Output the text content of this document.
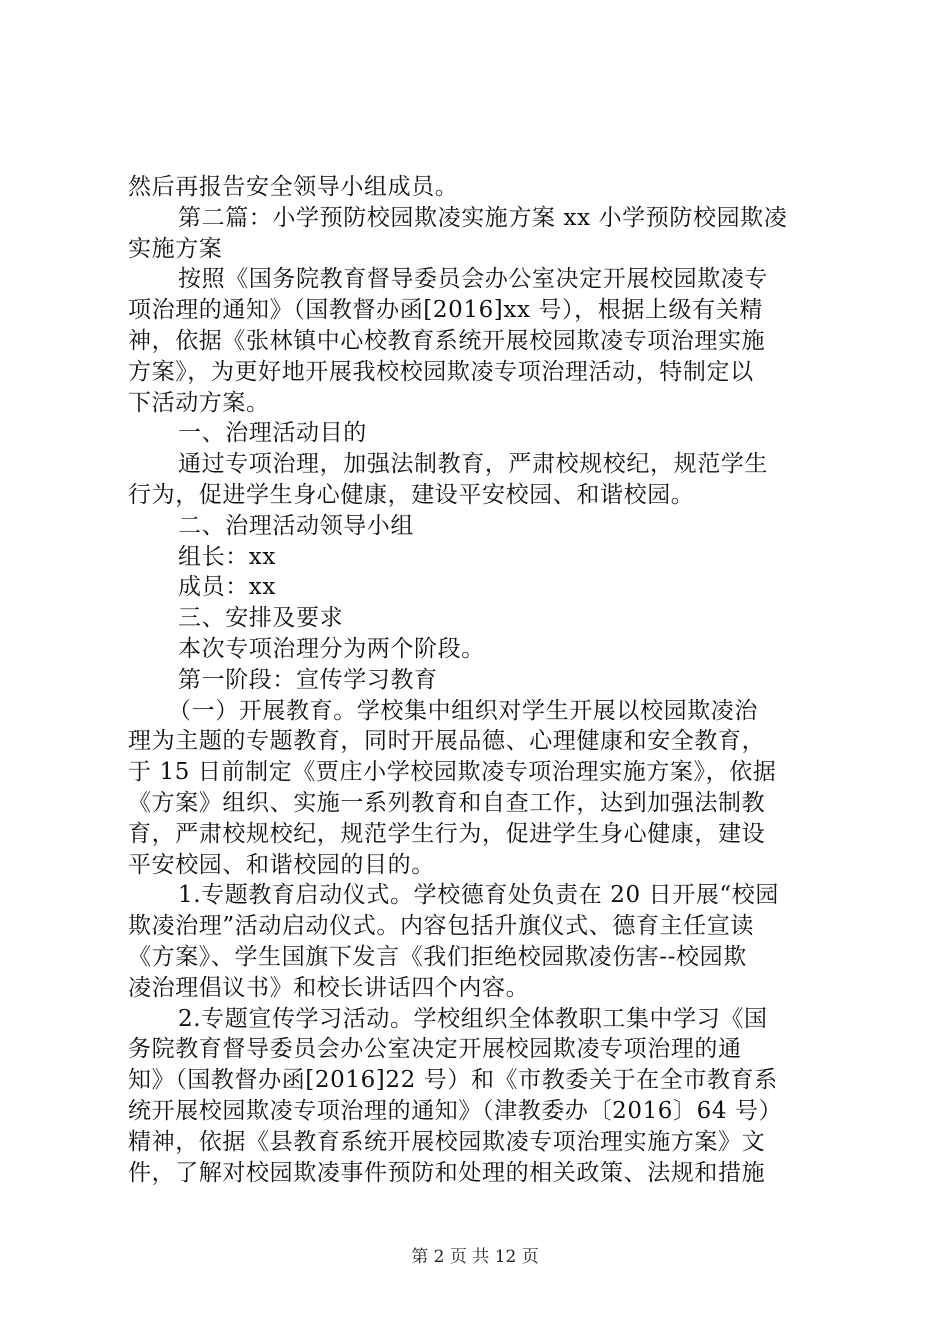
然后再报告安全领导小组成员。
第二篇：小学预防校园欺凌实施方案 xx 小学预防校园欺凌
实施方案
按照《国务院教育督导委员会办公室决定开展校园欺凌专
项治理的通知》（国教督办函[2016]xx 号），根据上级有关精
神，依据《张林镇中心校教育系统开展校园欺凌专项治理实施
方案》，为更好地开展我校校园欺凌专项治理活动，特制定以
下活动方案。
一、治理活动目的
通过专项治理，加强法制教育，严肃校规校纪，规范学生
行为，促进学生身心健康，建设平安校园、和谐校园。
二、治理活动领导小组
组长：xx
成员：xx
三、安排及要求
本次专项治理分为两个阶段。
第一阶段：宣传学习教育
（一）开展教育。学校集中组织对学生开展以校园欺凌治
理为主题的专题教育，同时开展品德、心理健康和安全教育，
于 15 日前制定《贾庄小学校园欺凌专项治理实施方案》，依据
《方案》组织、实施一系列教育和自查工作，达到加强法制教
育，严肃校规校纪，规范学生行为，促进学生身心健康，建设
平安校园、和谐校园的目的。
1.专题教育启动仪式。学校德育处负责在 20 日开展“校园
欺凌治理”活动启动仪式。内容包括升旗仪式、德育主任宣读
《方案》、学生国旗下发言《我们拒绝校园欺凌伤害--校园欺
凌治理倡议书》和校长讲话四个内容。
2.专题宣传学习活动。学校组织全体教职工集中学习《国
务院教育督导委员会办公室决定开展校园欺凌专项治理的通
知》（国教督办函[2016]22 号）和《市教委关于在全市教育系
统开展校园欺凌专项治理的通知》（津教委办〔2016〕64 号）
精神，依据《县教育系统开展校园欺凌专项治理实施方案》文
件，了解对校园欺凌事件预防和处理的相关政策、法规和措施
第 2 页 共 12 页
